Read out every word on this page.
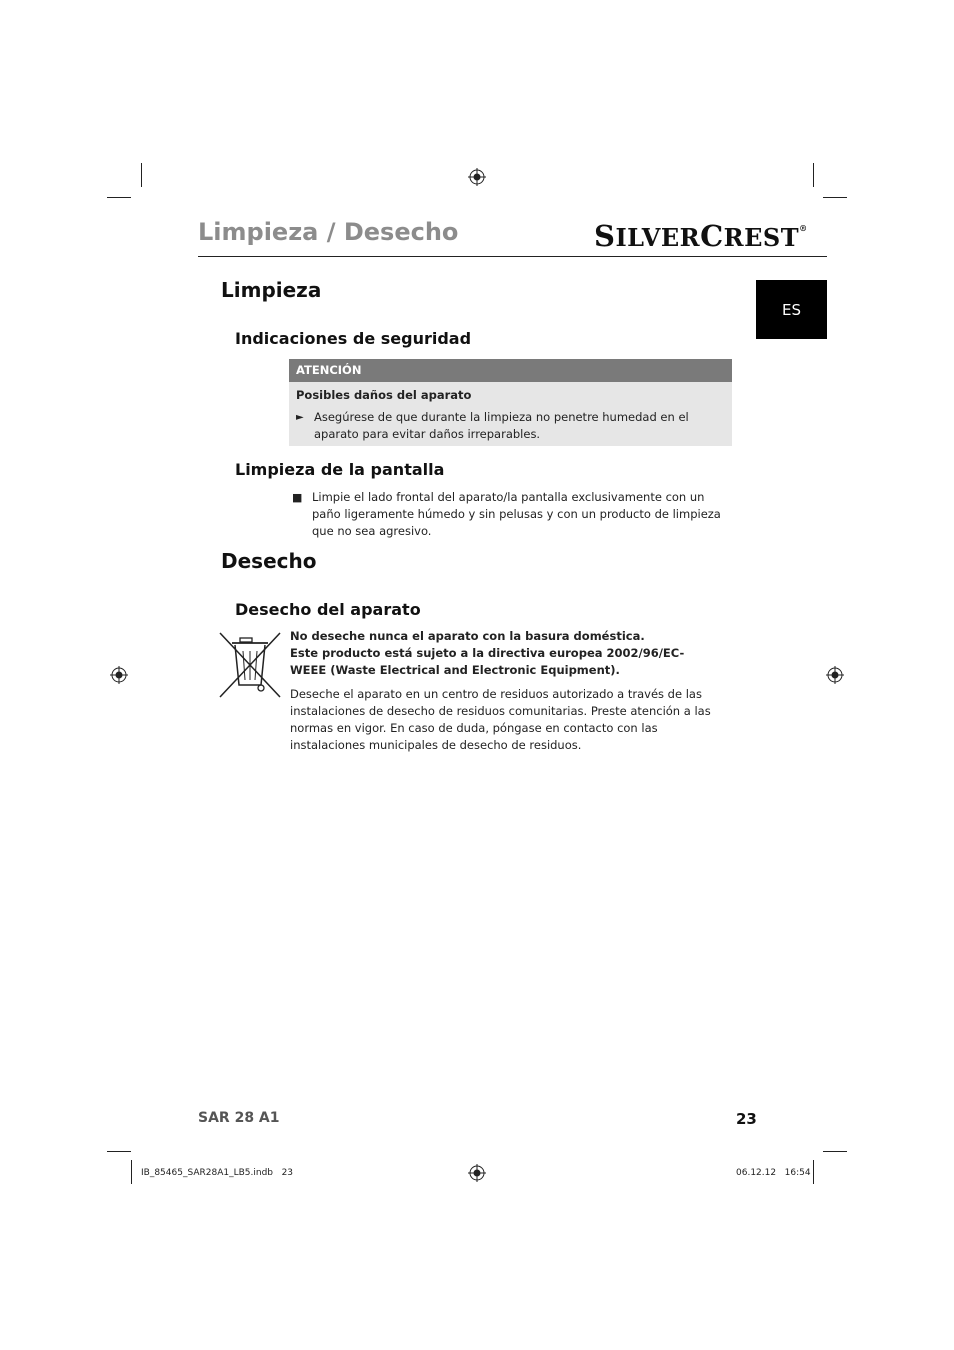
Limpieza / Desecho	SILVERCREST®
ES
Limpieza
Indicaciones de seguridad
ATENCIÓN
Posibles daños del aparato
► Asegúrese de que durante la limpieza no penetre humedad en el aparato para evitar daños irreparables.
Limpieza de la pantalla
■ Limpie el lado frontal del aparato/la pantalla exclusivamente con un paño ligeramente húmedo y sin pelusas y con un producto de limpieza que no sea agresivo.
Desecho
Desecho del aparato
No deseche nunca el aparato con la basura doméstica.
Este producto está sujeto a la directiva europea 2002/96/EC-WEEE (Waste Electrical and Electronic Equipment).
Deseche el aparato en un centro de residuos autorizado a través de las instalaciones de desecho de residuos comunitarias. Preste atención a las normas en vigor. En caso de duda, póngase en contacto con las instalaciones municipales de desecho de residuos.
SAR 28 A1	23
IB_85465_SAR28A1_LB5.indb   23	06.12.12   16:54
